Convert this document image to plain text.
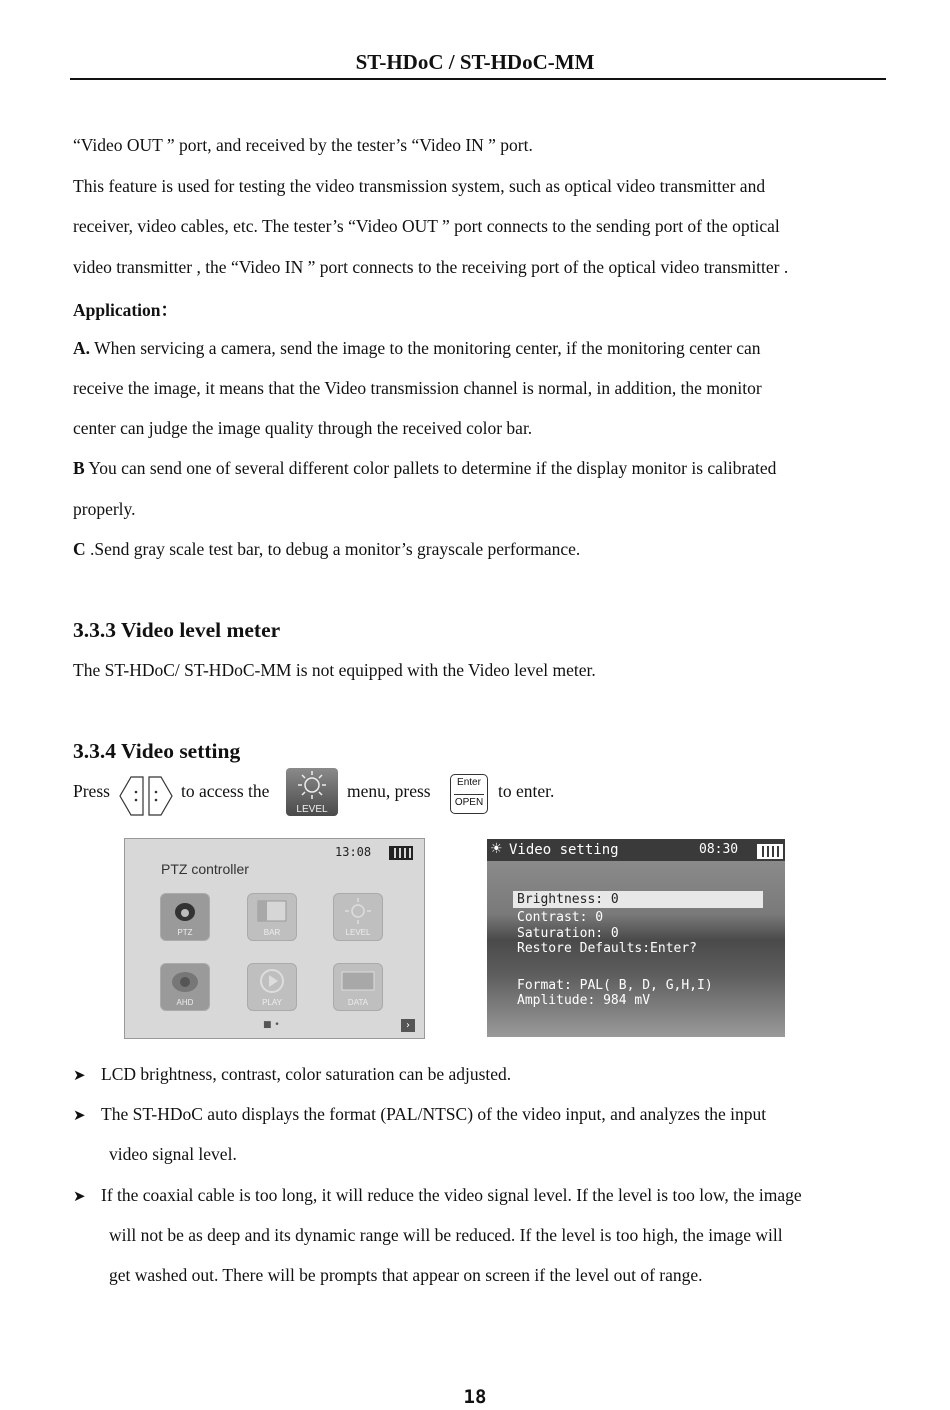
ST-HDoC / ST-HDoC-MM
“Video OUT ” port, and received by the tester’s “Video IN ” port.
This feature is used for testing the video transmission system, such as optical video transmitter and
receiver, video cables, etc. The tester’s “Video OUT ” port connects to the sending port of the optical
video transmitter , the “Video IN ” port connects to the receiving port of the optical video transmitter .
Application：
A. When servicing a camera, send the image to the monitoring center, if the monitoring center can
receive the image, it means that the Video transmission channel is normal, in addition, the monitor
center can judge the image quality through the received color bar.
B You can send one of several different color pallets to determine if the display monitor is calibrated
properly.
C .Send gray scale test bar, to debug a monitor’s grayscale performance.
3.3.3 Video level meter
The ST-HDoC/ ST-HDoC-MM is not equipped with the Video level meter.
3.3.4 Video setting
Press	to access the
LEVEL
menu, press	Enter
OPEN
to enter.
PTZ controller
13:08
PTZ	BAR	LEVEL
AHD	PLAY	DATA
■ •	›
☀ Video setting	08:30
Brightness: 0
Contrast: 0
Saturation: 0
Restore Defaults:Enter?
Format: PAL( B, D, G,H,I)
Amplitude: 984 mV
➤ LCD brightness, contrast, color saturation can be adjusted.
➤ The ST-HDoC auto displays the format (PAL/NTSC) of the video input, and analyzes the input
video signal level.
➤ If the coaxial cable is too long, it will reduce the video signal level. If the level is too low, the image
will not be as deep and its dynamic range will be reduced. If the level is too high, the image will
get washed out. There will be prompts that appear on screen if the level out of range.
18
